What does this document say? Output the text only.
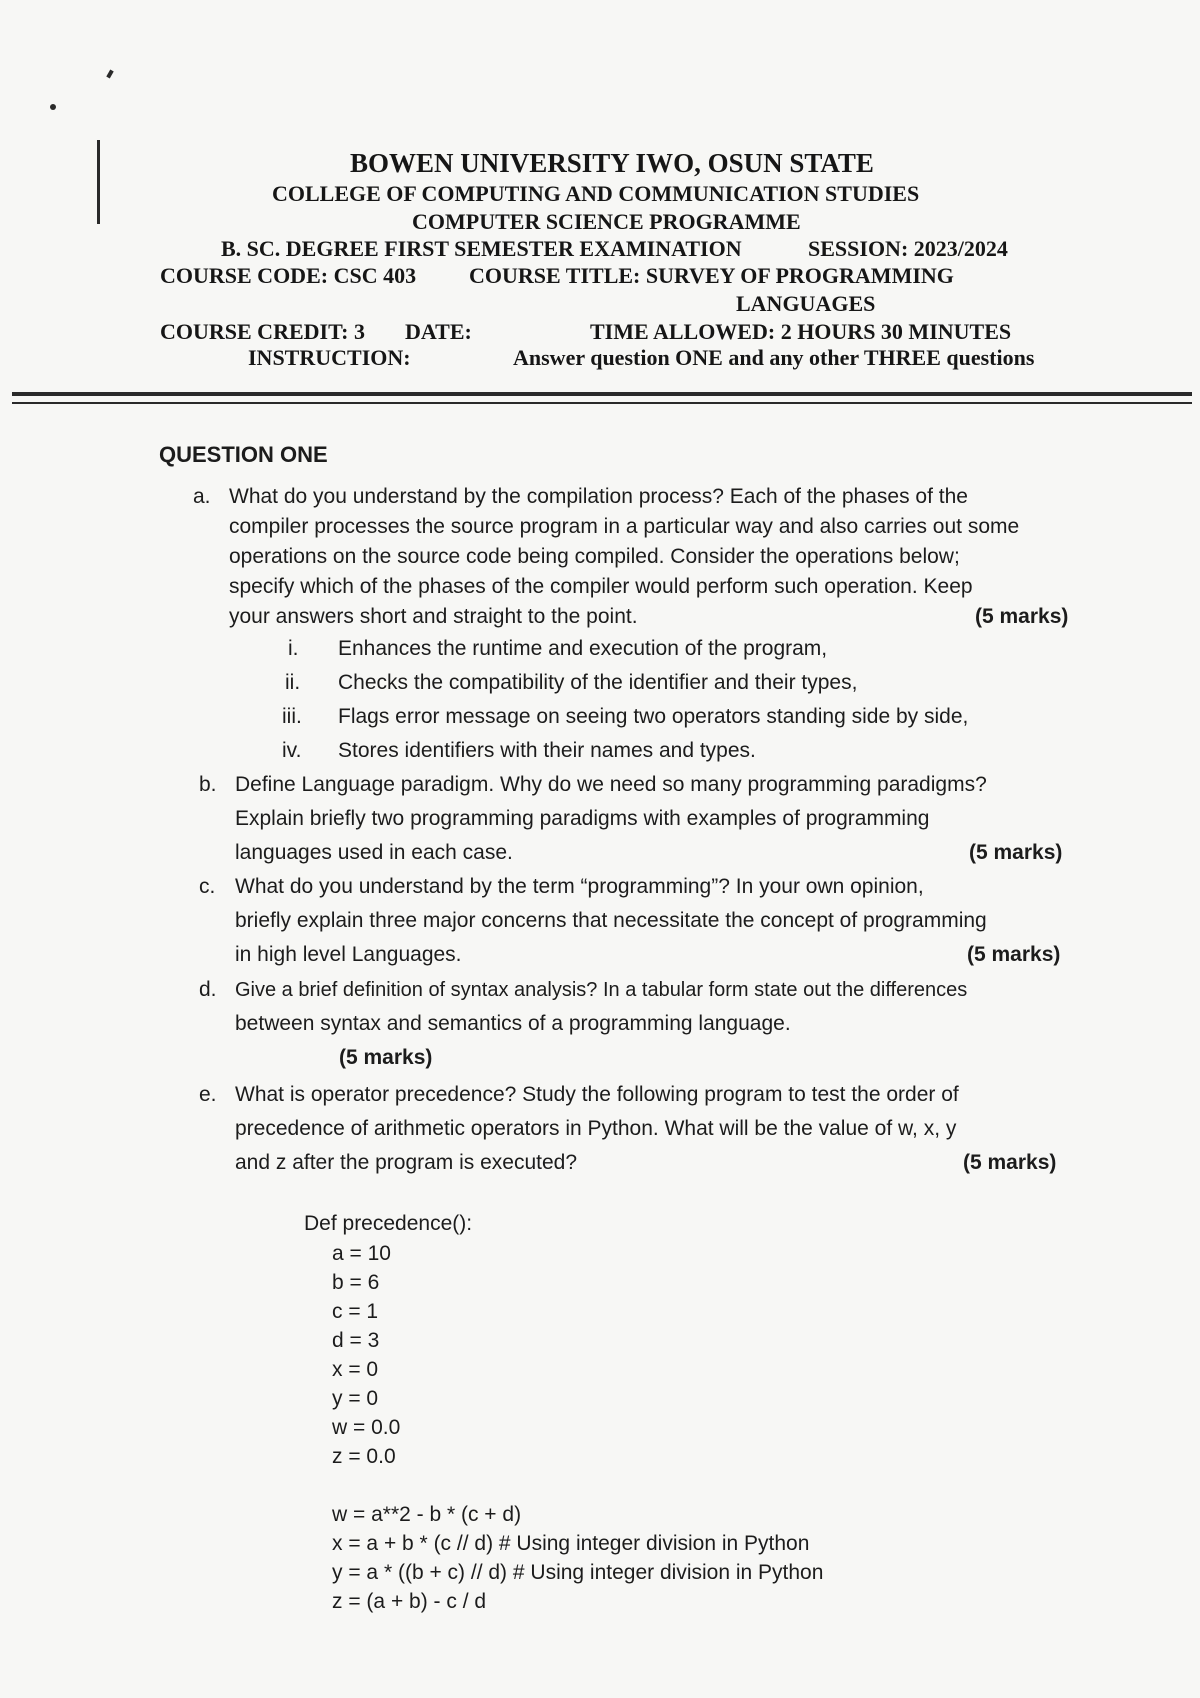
BOWEN UNIVERSITY IWO, OSUN STATE
COLLEGE OF COMPUTING AND COMMUNICATION STUDIES
COMPUTER SCIENCE PROGRAMME
B. SC. DEGREE FIRST SEMESTER EXAMINATION	SESSION: 2023/2024
COURSE CODE: CSC 403 COURSE TITLE: SURVEY OF PROGRAMMING
LANGUAGES
COURSE CREDIT: 3 DATE:	TIME ALLOWED: 2 HOURS 30 MINUTES
INSTRUCTION:	Answer question ONE and any other THREE questions
QUESTION ONE
a. What do you understand by the compilation process? Each of the phases of the
compiler processes the source program in a particular way and also carries out some
operations on the source code being compiled. Consider the operations below;
specify which of the phases of the compiler would perform such operation. Keep
your answers short and straight to the point.	(5 marks)
i. Enhances the runtime and execution of the program,
ii. Checks the compatibility of the identifier and their types,
iii. Flags error message on seeing two operators standing side by side,
iv. Stores identifiers with their names and types.
b. Define Language paradigm. Why do we need so many programming paradigms?
Explain briefly two programming paradigms with examples of programming
languages used in each case.	(5 marks)
c. What do you understand by the term “programming”? In your own opinion,
briefly explain three major concerns that necessitate the concept of programming
in high level Languages.	(5 marks)
d. Give a brief definition of syntax analysis? In a tabular form state out the differences
between syntax and semantics of a programming language.
(5 marks)
e. What is operator precedence? Study the following program to test the order of
precedence of arithmetic operators in Python. What will be the value of w, x, y
and z after the program is executed?	(5 marks)
Def precedence():
a = 10
b = 6
c = 1
d = 3
x = 0
y = 0
w = 0.0
z = 0.0
w = a**2 - b * (c + d)
x = a + b * (c // d) # Using integer division in Python
y = a * ((b + c) // d) # Using integer division in Python
z = (a + b) - c / d
